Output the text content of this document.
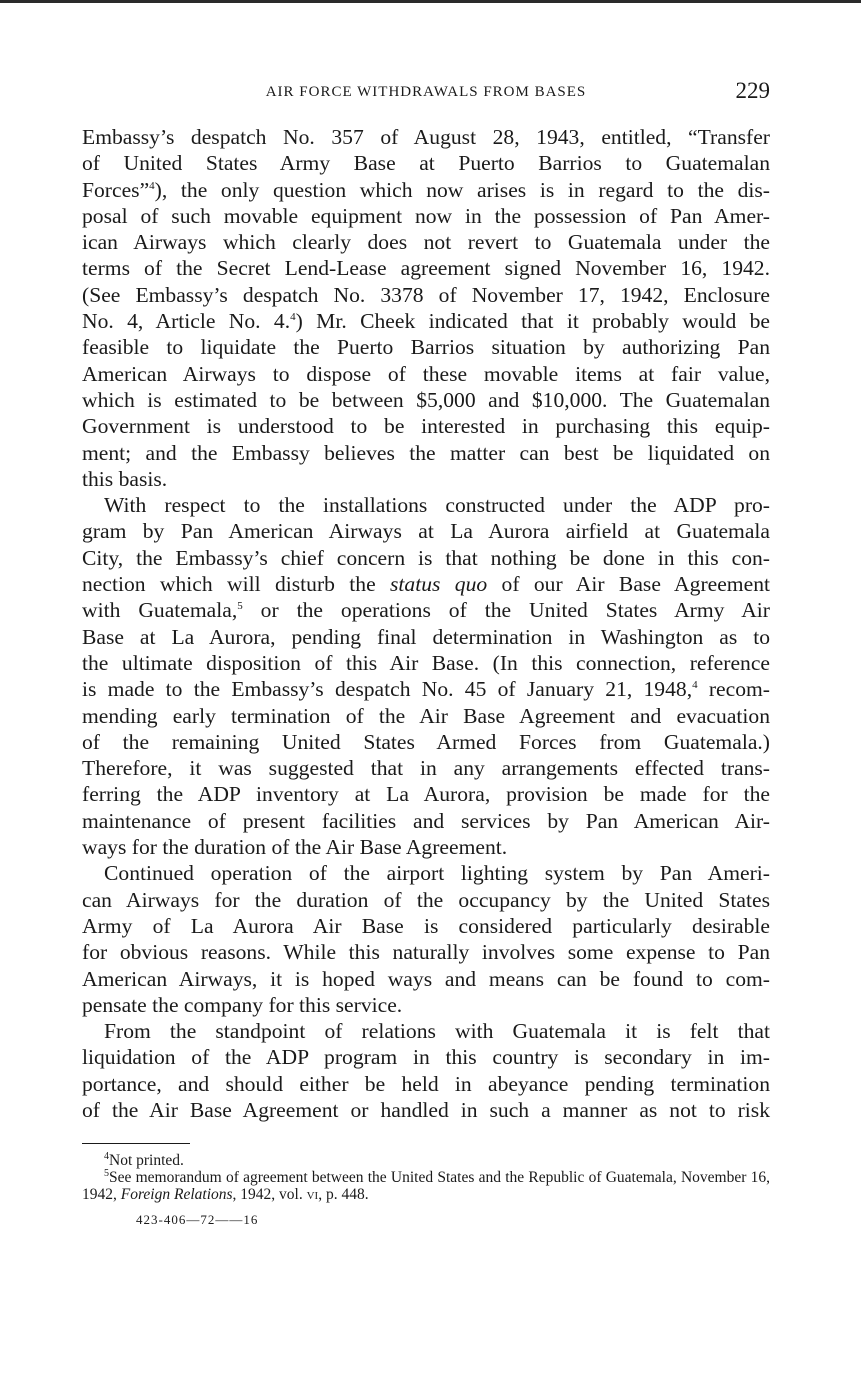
AIR FORCE WITHDRAWALS FROM BASES	229

Embassy’s despatch No. 357 of August 28, 1943, entitled, “Transfer
of United States Army Base at Puerto Barrios to Guatemalan
Forces”$^4$), the only question which now arises is in regard to the dis-
posal of such movable equipment now in the possession of Pan Amer-
ican Airways which clearly does not revert to Guatemala under the
terms of the Secret Lend-Lease agreement signed November 16, 1942.
(See Embassy’s despatch No. 3378 of November 17, 1942, Enclosure
No. 4, Article No. 4.$^4$) Mr. Cheek indicated that it probably would be
feasible to liquidate the Puerto Barrios situation by authorizing Pan
American Airways to dispose of these movable items at fair value,
which is estimated to be between $5,000 and $10,000. The Guatemalan
Government is understood to be interested in purchasing this equip-
ment; and the Embassy believes the matter can best be liquidated on
this basis.

With respect to the installations constructed under the ADP pro-
gram by Pan American Airways at La Aurora airfield at Guatemala
City, the Embassy’s chief concern is that nothing be done in this con-
nection which will disturb the status quo of our Air Base Agreement
with Guatemala,$^5$ or the operations of the United States Army Air
Base at La Aurora, pending final determination in Washington as to
the ultimate disposition of this Air Base. (In this connection, reference
is made to the Embassy’s despatch No. 45 of January 21, 1948,$^4$ recom-
mending early termination of the Air Base Agreement and evacuation
of the remaining United States Armed Forces from Guatemala.)
Therefore, it was suggested that in any arrangements effected trans-
ferring the ADP inventory at La Aurora, provision be made for the
maintenance of present facilities and services by Pan American Air-
ways for the duration of the Air Base Agreement.

Continued operation of the airport lighting system by Pan Ameri-
can Airways for the duration of the occupancy by the United States
Army of La Aurora Air Base is considered particularly desirable
for obvious reasons. While this naturally involves some expense to Pan
American Airways, it is hoped ways and means can be found to com-
pensate the company for this service.

From the standpoint of relations with Guatemala it is felt that
liquidation of the ADP program in this country is secondary in im-
portance, and should either be held in abeyance pending termination
of the Air Base Agreement or handled in such a manner as not to risk

$^4$Not printed.

$^5$See memorandum of agreement between the United States and the Republic of Guatemala, November 16, 1942, Foreign Relations, 1942, vol. vi, p. 448.

423-406—72——16
